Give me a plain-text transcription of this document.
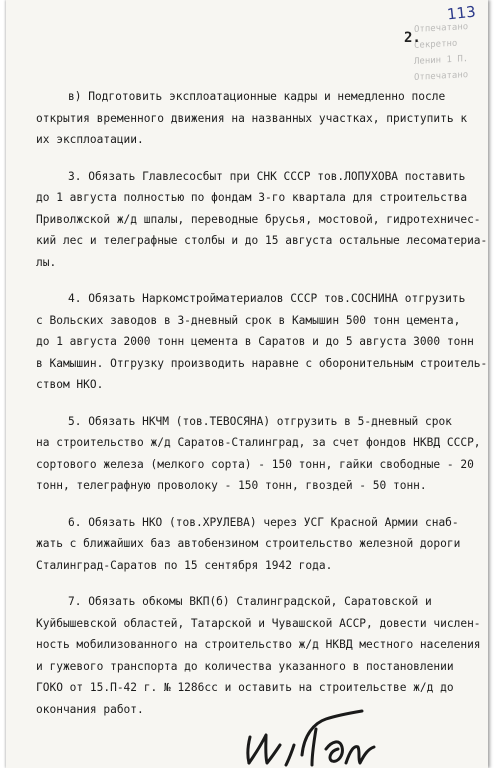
Отпечатано
Секретно
Ленин 1 П.
Отпечатано
113
2.

в) Подготовить эксплоатационные кадры и немедленно после
открытия временного движения на названных участках, приступить к
их эксплоатации.

3. Обязать Главлесосбыт при СНК СССР тов.ЛОПУХОВА поставить
до 1 августа полностью по фондам 3-го квартала для строительства
Приволжской ж/д шпалы, переводные брусья, мостовой, гидротехничес-
кий лес и телеграфные столбы и до 15 августа остальные лесоматериа-
лы.

4. Обязать Наркомстройматериалов СССР тов.СОСНИНА отгрузить
с Вольских заводов в 3-дневный срок в Камышин 500 тонн цемента,
до 1 августа 2000 тонн цемента в Саратов и до 5 августа 3000 тонн
в Камышин. Отгрузку производить наравне с оборонительным строитель-
ством НКО.

5. Обязать НКЧМ (тов.ТЕВОСЯНА) отгрузить в 5-дневный срок
на строительство ж/д Саратов-Сталинград, за счет фондов НКВД СССР,
сортового железа (мелкого сорта) - 150 тонн, гайки свободные - 20
тонн, телеграфную проволоку - 150 тонн, гвоздей - 50 тонн.

6. Обязать НКО (тов.ХРУЛЕВА) через УСГ Красной Армии снаб-
жать с ближайших баз автобензином строительство железной дороги
Сталинград-Саратов по 15 сентября 1942 года.

7. Обязать обкомы ВКП(б) Сталинградской, Саратовской и
Куйбышевской областей, Татарской и Чувашской АССР, довести числен-
ность мобилизованного на строительство ж/д НКВД местного населения
и гужевого транспорта до количества указанного в постановлении
ГОКО от 15.П-42 г. № 1286сс и оставить на строительстве ж/д до
окончания работ.
